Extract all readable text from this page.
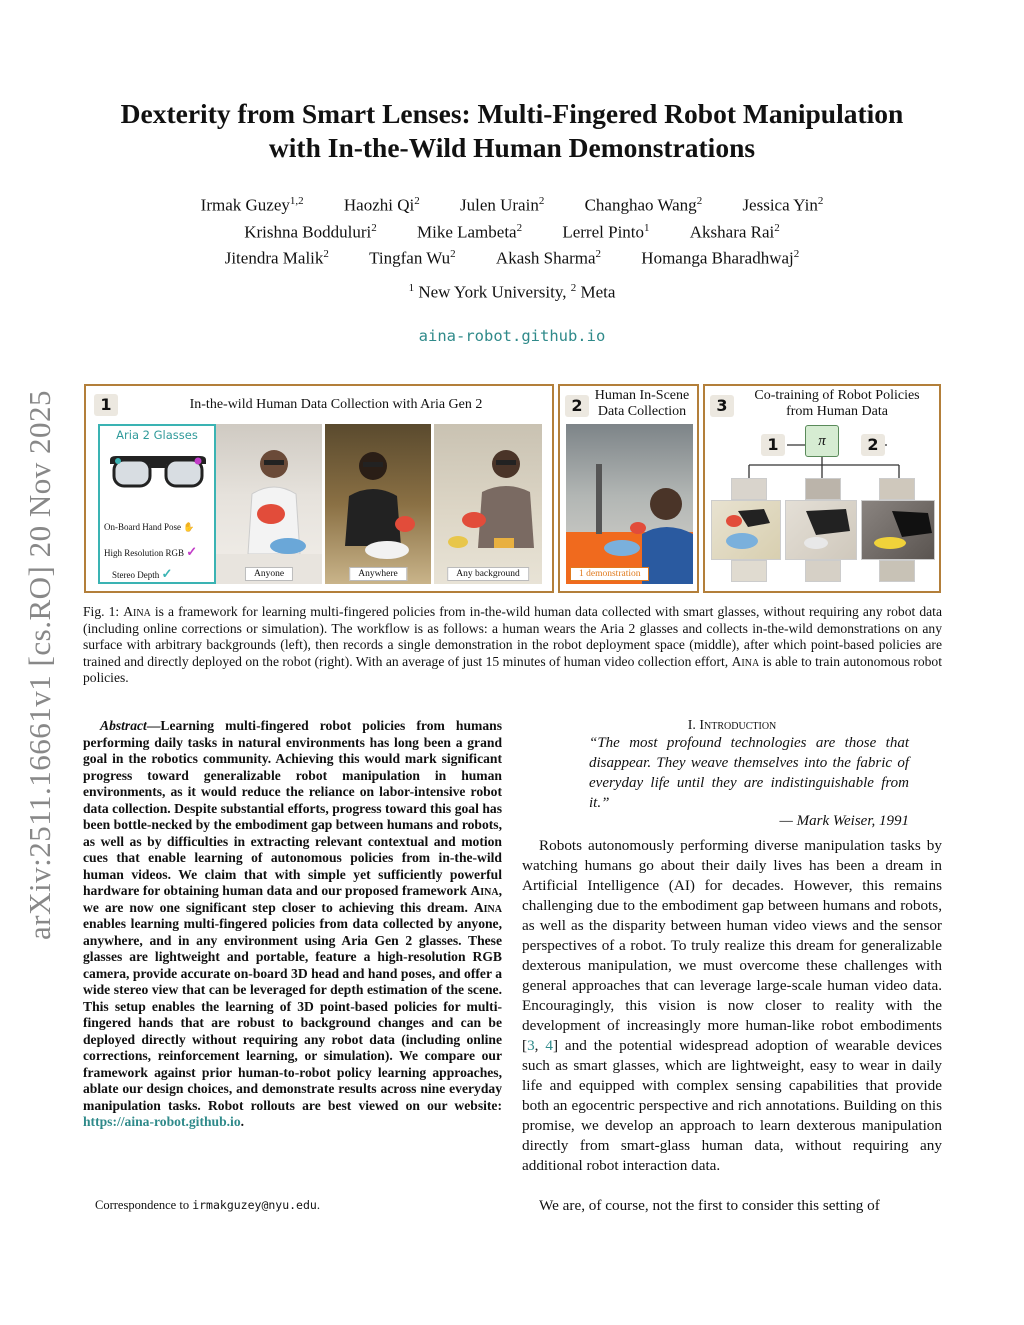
arXiv:2511.16661v1 [cs.RO] 20 Nov 2025
Dexterity from Smart Lenses: Multi-Fingered Robot Manipulation
with In-the-Wild Human Demonstrations
Irmak Guzey$^{1,2}$ Haozhi Qi$^2$ Julen Urain$^2$ Changhao Wang$^2$ Jessica Yin$^2$
Krishna Bodduluri$^2$ Mike Lambeta$^2$ Lerrel Pinto$^1$ Akshara Rai$^2$
Jitendra Malik$^2$ Tingfan Wu$^2$ Akash Sharma$^2$ Homanga Bharadhwaj$^2$
$^1$ New York University, $^2$ Meta
aina-robot.github.io
1	In-the-wild Human Data Collection with Aria Gen 2
Aria 2 Glasses
On-Board Hand Pose ✋
High Resolution RGB ✓
Stereo Depth ✓	Anyone	Anywhere	Any background
2
Human In-Scene
Data Collection
1 demonstration
3
Co-training of Robot Policies
from Human Data
1	π	2
Fig. 1: Aina is a framework for learning multi-fingered policies from in-the-wild human data collected with smart glasses, without requiring any robot data (including online corrections or simulation). The workflow is as follows: a human wears the Aria 2 glasses and collects in-the-wild demonstrations on any surface with arbitrary backgrounds (left), then records a single demonstration in the robot deployment space (middle), after which point-based policies are trained and directly deployed on the robot (right). With an average of just 15 minutes of human video collection effort, Aina is able to train autonomous robot policies.
Abstract—Learning multi-fingered robot policies from humans performing daily tasks in natural environments has long been a grand goal in the robotics community. Achieving this would mark significant progress toward generalizable robot manipulation in human environments, as it would reduce the reliance on labor-intensive robot data collection. Despite substantial efforts, progress toward this goal has been bottle-necked by the embodiment gap between humans and robots, as well as by difficulties in extracting relevant contextual and motion cues that enable learning of autonomous policies from in-the-wild human videos. We claim that with simple yet sufficiently powerful hardware for obtaining human data and our proposed framework Aina, we are now one significant step closer to achieving this dream. Aina enables learning multi-fingered policies from data collected by anyone, anywhere, and in any environment using Aria Gen 2 glasses. These glasses are lightweight and portable, feature a high-resolution RGB camera, provide accurate on-board 3D head and hand poses, and offer a wide stereo view that can be leveraged for depth estimation of the scene. This setup enables the learning of 3D point-based policies for multi-fingered hands that are robust to background changes and can be deployed directly without requiring any robot data (including online corrections, reinforcement learning, or simulation). We compare our framework against prior human-to-robot policy learning approaches, ablate our design choices, and demonstrate results across nine everyday manipulation tasks. Robot rollouts are best viewed on our website: https://aina-robot.github.io.
Correspondence to irmakguzey@nyu.edu.
I. Introduction
“The most profound technologies are those that disappear. They weave themselves into the fabric of everyday life until they are indistinguishable from it.”
— Mark Weiser, 1991
Robots autonomously performing diverse manipulation tasks by watching humans go about their daily lives has been a dream in Artificial Intelligence (AI) for decades. However, this remains challenging due to the embodiment gap between humans and robots, as well as the disparity between human video views and the sensor perspectives of a robot. To truly realize this dream for generalizable dexterous manipulation, we must overcome these challenges with general approaches that can leverage large-scale human video data. Encouragingly, this vision is now closer to reality with the development of increasingly more human-like robot embodiments [3, 4] and the potential widespread adoption of wearable devices such as smart glasses, which are lightweight, easy to wear in daily life and equipped with complex sensing capabilities that provide both an egocentric perspective and rich annotations. Building on this promise, we develop an approach to learn dexterous manipulation directly from smart-glass human data, without requiring any additional robot interaction data.
We are, of course, not the first to consider this setting of
